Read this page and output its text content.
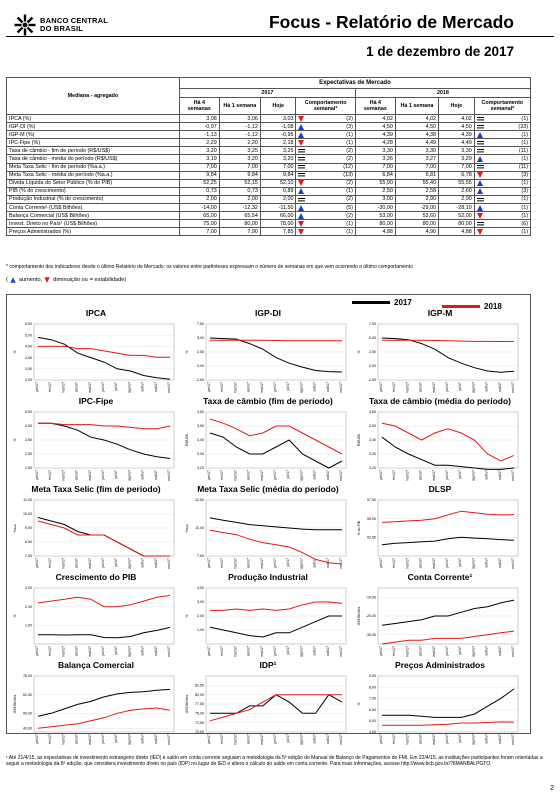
BANCO CENTRAL
DO BRASIL	Focus - Relatório de Mercado
1 de dezembro de 2017
Mediana - agregado	Expectativas de Mercado							
	2017				2018			
	Há 4 semanas	Há 1 semana	Hoje	Comportamento semanal*	Há 4 semanas	Há 1 semana	Hoje	Comportamento semanal*
IPCA (%)	3,08	3,06	3,03	(2)	4,02	4,02	4,02	(1)

IGP-DI (%)	-0,97	-1,12	-1,08	(3)	4,50	4,50	4,50	(33)

IGP-M (%)	-1,13	-1,12	-0,95	(1)	4,39	4,38	4,39	(1)

IPC-Fipe (%)	2,29	2,20	2,18	(1)	4,28	4,49	4,49	(1)

Taxa de câmbio - fim de período (R$/US$)	3,20	3,25	3,25	(2)	3,30	3,30	3,30	(11)

Taxa de câmbio - média do período (R$/US$)	3,19	3,20	3,20	(2)	3,26	3,27	3,29	(1)

Meta Taxa Selic - fim de período (%a.a.)	7,00	7,00	7,00	(12)	7,00	7,00	7,00	(11)

Meta Taxa Selic - média do período (%a.a.)	9,84	9,84	9,84	(13)	6,84	6,81	6,78	(3)

Dívida Líquida do Setor Público (% do PIB)	52,25	52,15	52,10	(2)	55,90	55,40	55,55	(1)

PIB (% do crescimento)	0,73	0,73	0,89	(1)	2,50	2,58	2,60	(3)

Produção Industrial (% do crescimento)	2,00	2,00	2,00	(2)	3,00	2,90	2,90	(1)

Conta Corrente¹ (US$ Bilhões)	-14,00	-12,32	-11,50	(5)	-30,00	-29,00	-28,10	(1)

Balança Comercial (US$ Bilhões)	65,00	65,54	66,00	(2)	53,00	53,60	52,00	(1)

Invest. Direto no País¹ (US$ Bilhões)	75,00	80,00	78,00	(1)	80,00	80,00	80,00	(6)

Preços Administrados (%)	7,00	7,90	7,85	(1)	4,88	4,90	4,88	(1)
* comportamento dos indicadores desde o último Relatório de Mercado; os valores entre parênteses expressam o número de semanas em que vem ocorrendo o último comportamento
( aumento, diminuição ou = estabilidade)
2017	2018
IPCA
5,50
5,00
4,50
4,00
3,50
3,00
%
jan/17	fev/17	mar/17	abr/17	mai/17	jun/17	jul/17	ago/17	set/17	out/17	nov/17
IGP-DI
7,50
5,00
2,50
0,00
-2,50
%
jan/17	fev/17	mar/17	abr/17	mai/17	jun/17	jul/17	ago/17	set/17	out/17	nov/17
IGP-M
7,50
5,00
2,50
0,00
-2,50
%
jan/17	fev/17	mar/17	abr/17	mai/17	jun/17	jul/17	ago/17	set/17	out/17	nov/17
IPC-Fipe
5,50
4,50
3,50
2,50
1,50
%
jan/17	fev/17	mar/17	abr/17	mai/17	jun/17	jul/17	ago/17	set/17	out/17	nov/17
Taxa de câmbio (fim de período)
3,60
3,50
3,40
3,30
3,20
R$/US$
jan/17	fev/17	mar/17	abr/17	mai/17	jun/17	jul/17	ago/17	set/17	out/17	nov/17
Taxa de câmbio (média do período)
3,60
3,50
3,40
3,30
3,20
R$/US$
jan/17	fev/17	mar/17	abr/17	mai/17	jun/17	jul/17	ago/17	set/17	out/17	nov/17
Meta Taxa Selic (fim de período)
11,00
10,00
9,00
8,00
7,00
%a.a.
jan/17	fev/17	mar/17	abr/17	mai/17	jun/17	jul/17	ago/17	set/17	out/17	nov/17
Meta Taxa Selic (média do período)
12,50
10,00
7,50
%a.a.
jan/17	fev/17	mar/17	abr/17	mai/17	jun/17	jul/17	ago/17	set/17	out/17	nov/17
DLSP
57,50
55,00
52,50
% do PIB
jan/17	fev/17	mar/17	abr/17	mai/17	jun/17	jul/17	ago/17	set/17	out/17	nov/17
Crescimento do PIB
3,00
2,00
1,00
%
jan/17	fev/17	mar/17	abr/17	mai/17	jun/17	jul/17	ago/17	set/17	out/17	nov/17
Produção Industrial
4,00
3,00
2,00
1,00
%
jan/17	fev/17	mar/17	abr/17	mai/17	jun/17	jul/17	ago/17	set/17	out/17	nov/17
Conta Corrente¹
-10,00
-20,00
-30,00
US$ Bilhões
jan/17	fev/17	mar/17	abr/17	mai/17	jun/17	jul/17	ago/17	set/17	out/17	nov/17
Balança Comercial
75,00
62,50
50,00
40,00
US$ Bilhões
jan/17	fev/17	mar/17	abr/17	mai/17	jun/17	jul/17	ago/17	set/17	out/17	nov/17
IDP¹
82,50
80,00
77,50
75,00
72,50
70,00
US$ Bilhões
jan/17	fev/17	mar/17	abr/17	mai/17	jun/17	jul/17	ago/17	set/17	out/17	nov/17
Preços Administrados
9,00
8,00
7,00
6,00
5,00
4,00
%
jan/17	fev/17	mar/17	abr/17	mai/17	jun/17	jul/17	ago/17	set/17	out/17	nov/17
¹ Até 21/4/15, as expectativas de investimento estrangeiro direto (IED) e saldo em conta corrente seguiam a metodologia da 5ª edição do Manual de Balanço de Pagamentos do FMI. Em 22/4/15, as instituições participantes foram orientadas a seguir a metodologia da 6ª edição, que considera investimento direto no país (IDP) no lugar de IED e altera o cálculo do saldo em conta corrente. Para mais informações, acesse http://www.bcb.gov.br/?6MANBALPGTO.
2
